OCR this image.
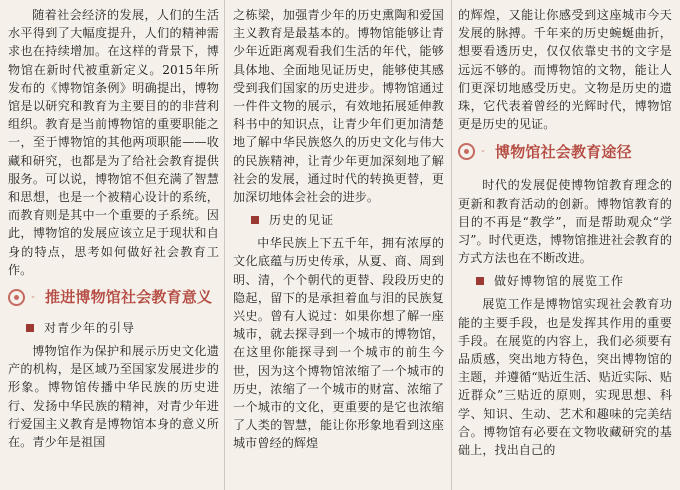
随着社会经济的发展，人们的生活水平得到了大幅度提升，人们的精神需求也在持续增加。在这样的背景下，博物馆在新时代被重新定义。2015年所发布的《博物馆条例》明确提出，博物馆是以研究和教育为主要目的的非营利组织。教育是当前博物馆的重要职能之一，至于博物馆的其他两项职能——收藏和研究，也都是为了给社会教育提供服务。可以说，博物馆不但充满了智慧和思想，也是一个被精心设计的系统，而教育则是其中一个重要的子系统。因此，博物馆的发展应该立足于现状和自身的特点，思考如何做好社会教育工作。

·· 推进博物馆社会教育意义
对青少年的引导

博物馆作为保护和展示历史文化遗产的机构，是区域乃至国家发展进步的形象。博物馆传播中华民族的历史进行、发扬中华民族的精神，对青少年进行爱国主义教育是博物馆本身的意义所在。青少年是祖国

之栋梁，加强青少年的历史熏陶和爱国主义教育是最基本的。博物馆能够让青少年近距离观看我们生活的年代，能够具体地、全面地见证历史，能够使其感受到我们国家的历史进步。博物馆通过一件件文物的展示，有效地拓展延伸教科书中的知识点，让青少年们更加清楚地了解中华民族悠久的历史文化与伟大的民族精神，让青少年更加深刻地了解社会的发展，通过时代的转换更替，更加深切地体会社会的进步。

历史的见证

中华民族上下五千年，拥有浓厚的文化底蕴与历史传承，从夏、商、周到明、清，个个朝代的更替、段段历史的隐起，留下的是承担着血与泪的民族复兴史。曾有人说过：如果你想了解一座城市，就去探寻到一个城市的博物馆，在这里你能探寻到一个城市的前生今世，因为这个博物馆浓缩了一个城市的历史，浓缩了一个城市的财富、浓缩了一个城市的文化，更重要的是它也浓缩了人类的智慧，能让你形象地看到这座城市曾经的辉煌

的辉煌，又能让你感受到这座城市今天发展的脉搏。千年来的历史蜿蜒曲折，想要看透历史，仅仅依靠史书的文字是远远不够的。而博物馆的文物，能让人们更深切地感受历史。文物是历史的遗珠，它代表着曾经的光辉时代，博物馆更是历史的见证。

·· 博物馆社会教育途径

时代的发展促使博物馆教育理念的更新和教育活动的创新。博物馆教育的目的不再是“教学”，而是帮助观众“学习”。时代更迭，博物馆推进社会教育的方式方法也在不断改进。

做好博物馆的展览工作

展览工作是博物馆实现社会教育功能的主要手段，也是发挥其作用的重要手段。在展览的内容上，我们必须要有品质感，突出地方特色，突出博物馆的主题，并遵循“贴近生活、贴近实际、贴近群众”三贴近的原则，实现思想、科学、知识、生动、艺术和趣味的完美结合。博物馆有必要在文物收藏研究的基础上，找出自己的
